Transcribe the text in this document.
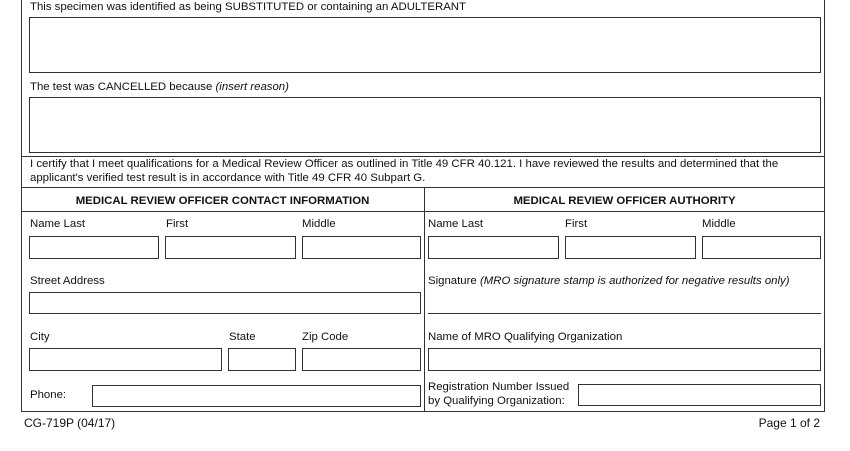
This specimen was identified as being SUBSTITUTED or containing an ADULTERANT
The test was CANCELLED because (insert reason)
I certify that I meet qualifications for a Medical Review Officer as outlined in Title 49 CFR 40.121. I have reviewed the results and determined that the applicant's verified test result is in accordance with Title 49 CFR 40 Subpart G.
MEDICAL REVIEW OFFICER CONTACT INFORMATION	MEDICAL REVIEW OFFICER AUTHORITY
Name Last	First	Middle
Street Address
City	State	Zip Code
Phone:
Name Last	First	Middle
Signature (MRO signature stamp is authorized for negative results only)
Name of MRO Qualifying Organization
Registration Number Issued
by Qualifying Organization:
CG-719P (04/17)	Page 1 of 2
